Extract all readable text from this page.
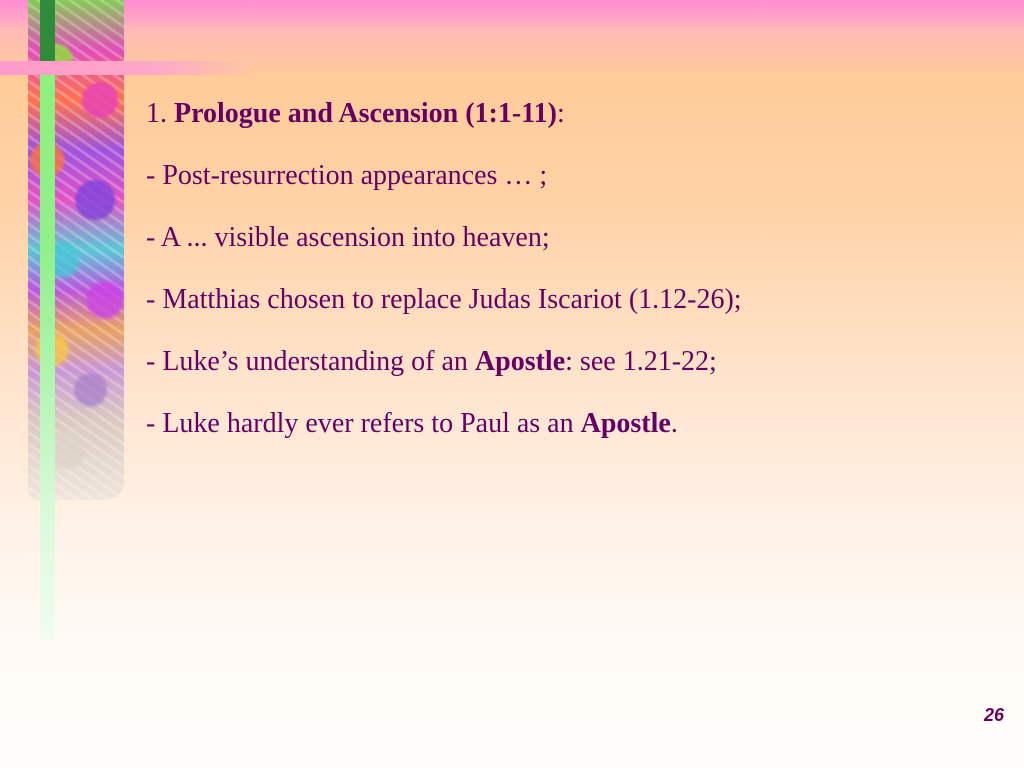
1. Prologue and Ascension (1:1-11):

- Post-resurrection appearances … ;

- A ... visible ascension into heaven;

- Matthias chosen to replace Judas Iscariot (1.12-26);

- Luke’s understanding of an Apostle: see 1.21-22;

- Luke hardly ever refers to Paul as an Apostle.

26
